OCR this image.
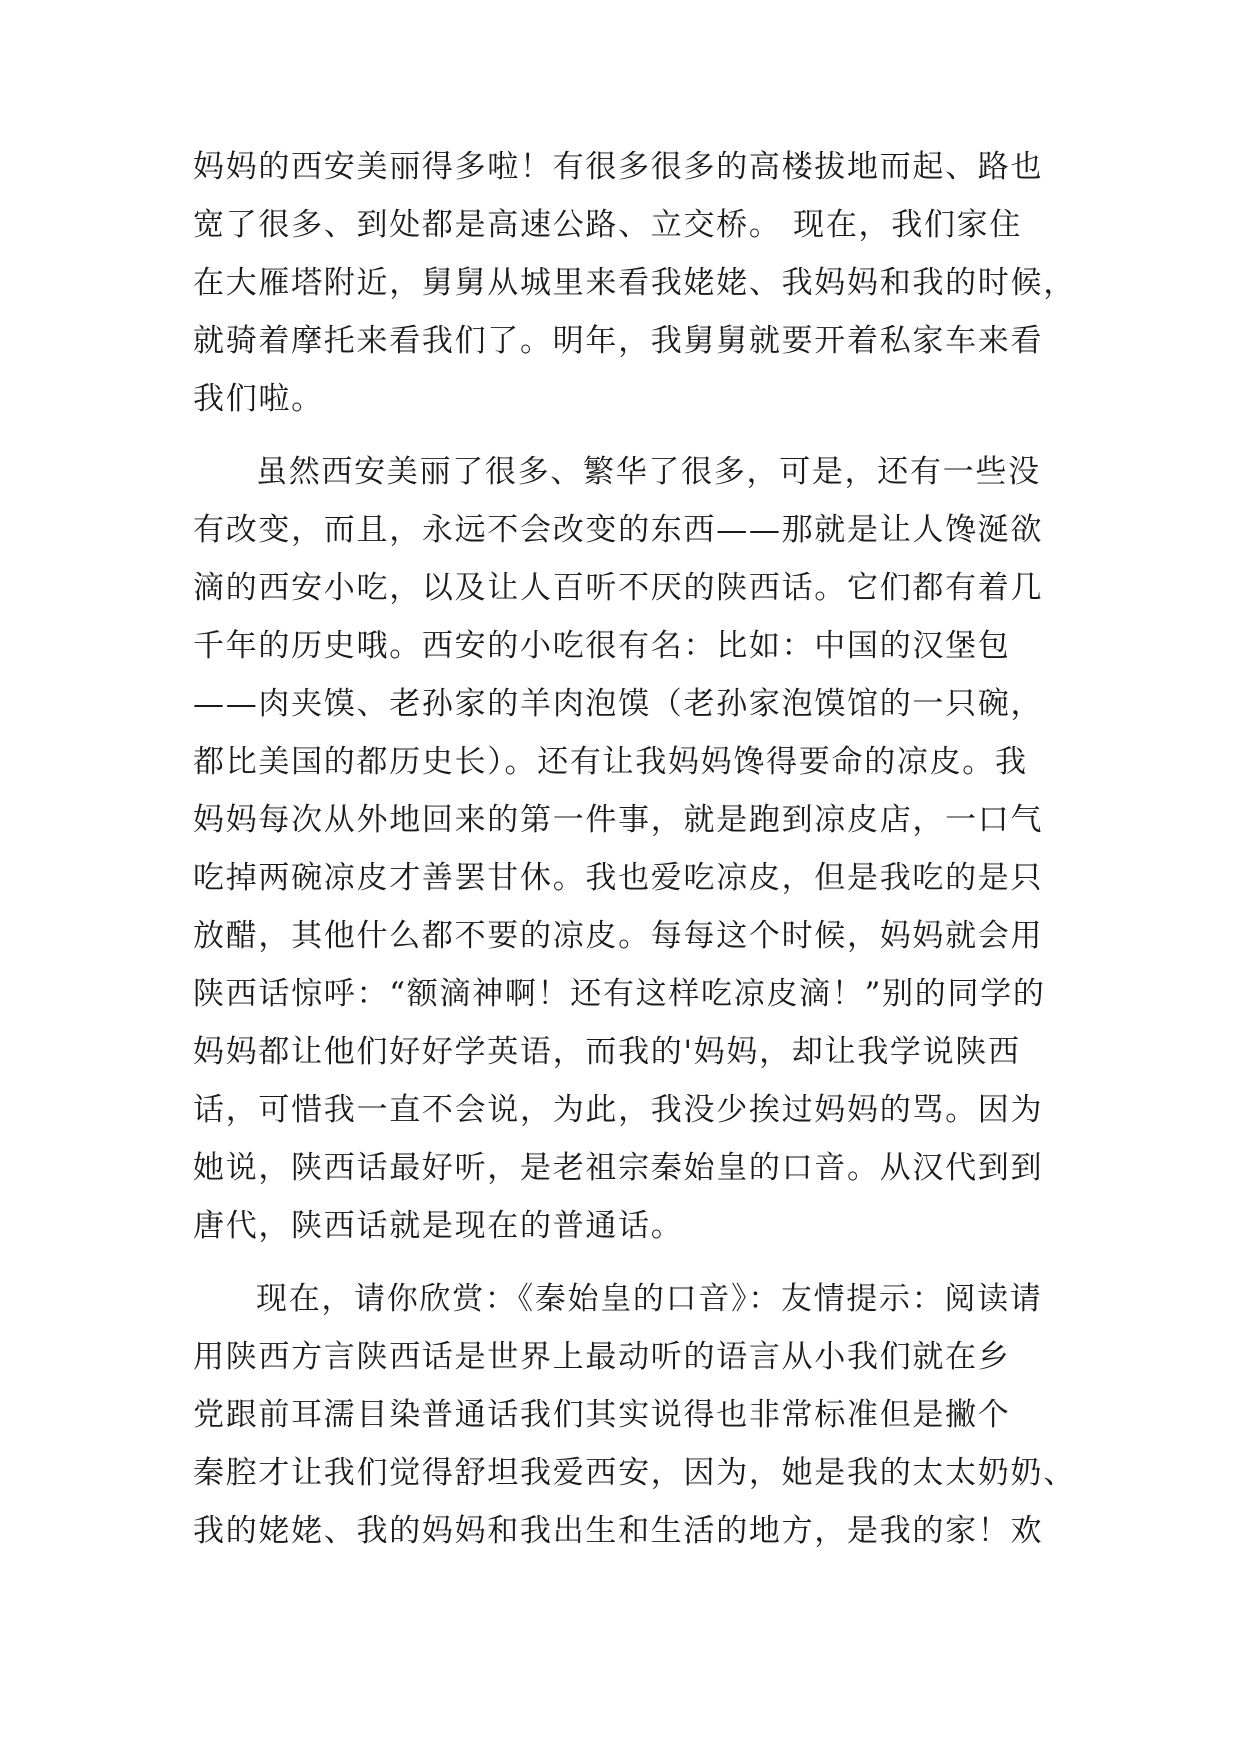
妈妈的西安美丽得多啦！有很多很多的高楼拔地而起、路也
宽了很多、到处都是高速公路、立交桥。 现在，我们家住
在大雁塔附近，舅舅从城里来看我姥姥、我妈妈和我的时候，
就骑着摩托来看我们了。明年，我舅舅就要开着私家车来看
我们啦。
虽然西安美丽了很多、繁华了很多，可是，还有一些没
有改变，而且，永远不会改变的东西——那就是让人馋涎欲
滴的西安小吃，以及让人百听不厌的陕西话。它们都有着几
千年的历史哦。西安的小吃很有名：比如：中国的汉堡包
——肉夹馍、老孙家的羊肉泡馍（老孙家泡馍馆的一只碗，
都比美国的都历史长）。还有让我妈妈馋得要命的凉皮。我
妈妈每次从外地回来的第一件事，就是跑到凉皮店，一口气
吃掉两碗凉皮才善罢甘休。我也爱吃凉皮，但是我吃的是只
放醋，其他什么都不要的凉皮。每每这个时候，妈妈就会用
陕西话惊呼：“额滴神啊！还有这样吃凉皮滴！”别的同学的
妈妈都让他们好好学英语，而我的'妈妈，却让我学说陕西
话，可惜我一直不会说，为此，我没少挨过妈妈的骂。因为
她说，陕西话最好听，是老祖宗秦始皇的口音。从汉代到到
唐代，陕西话就是现在的普通话。
现在，请你欣赏：《秦始皇的口音》：友情提示：阅读请
用陕西方言陕西话是世界上最动听的语言从小我们就在乡
党跟前耳濡目染普通话我们其实说得也非常标准但是撇个
秦腔才让我们觉得舒坦我爱西安，因为，她是我的太太奶奶、
我的姥姥、我的妈妈和我出生和生活的地方，是我的家！欢
